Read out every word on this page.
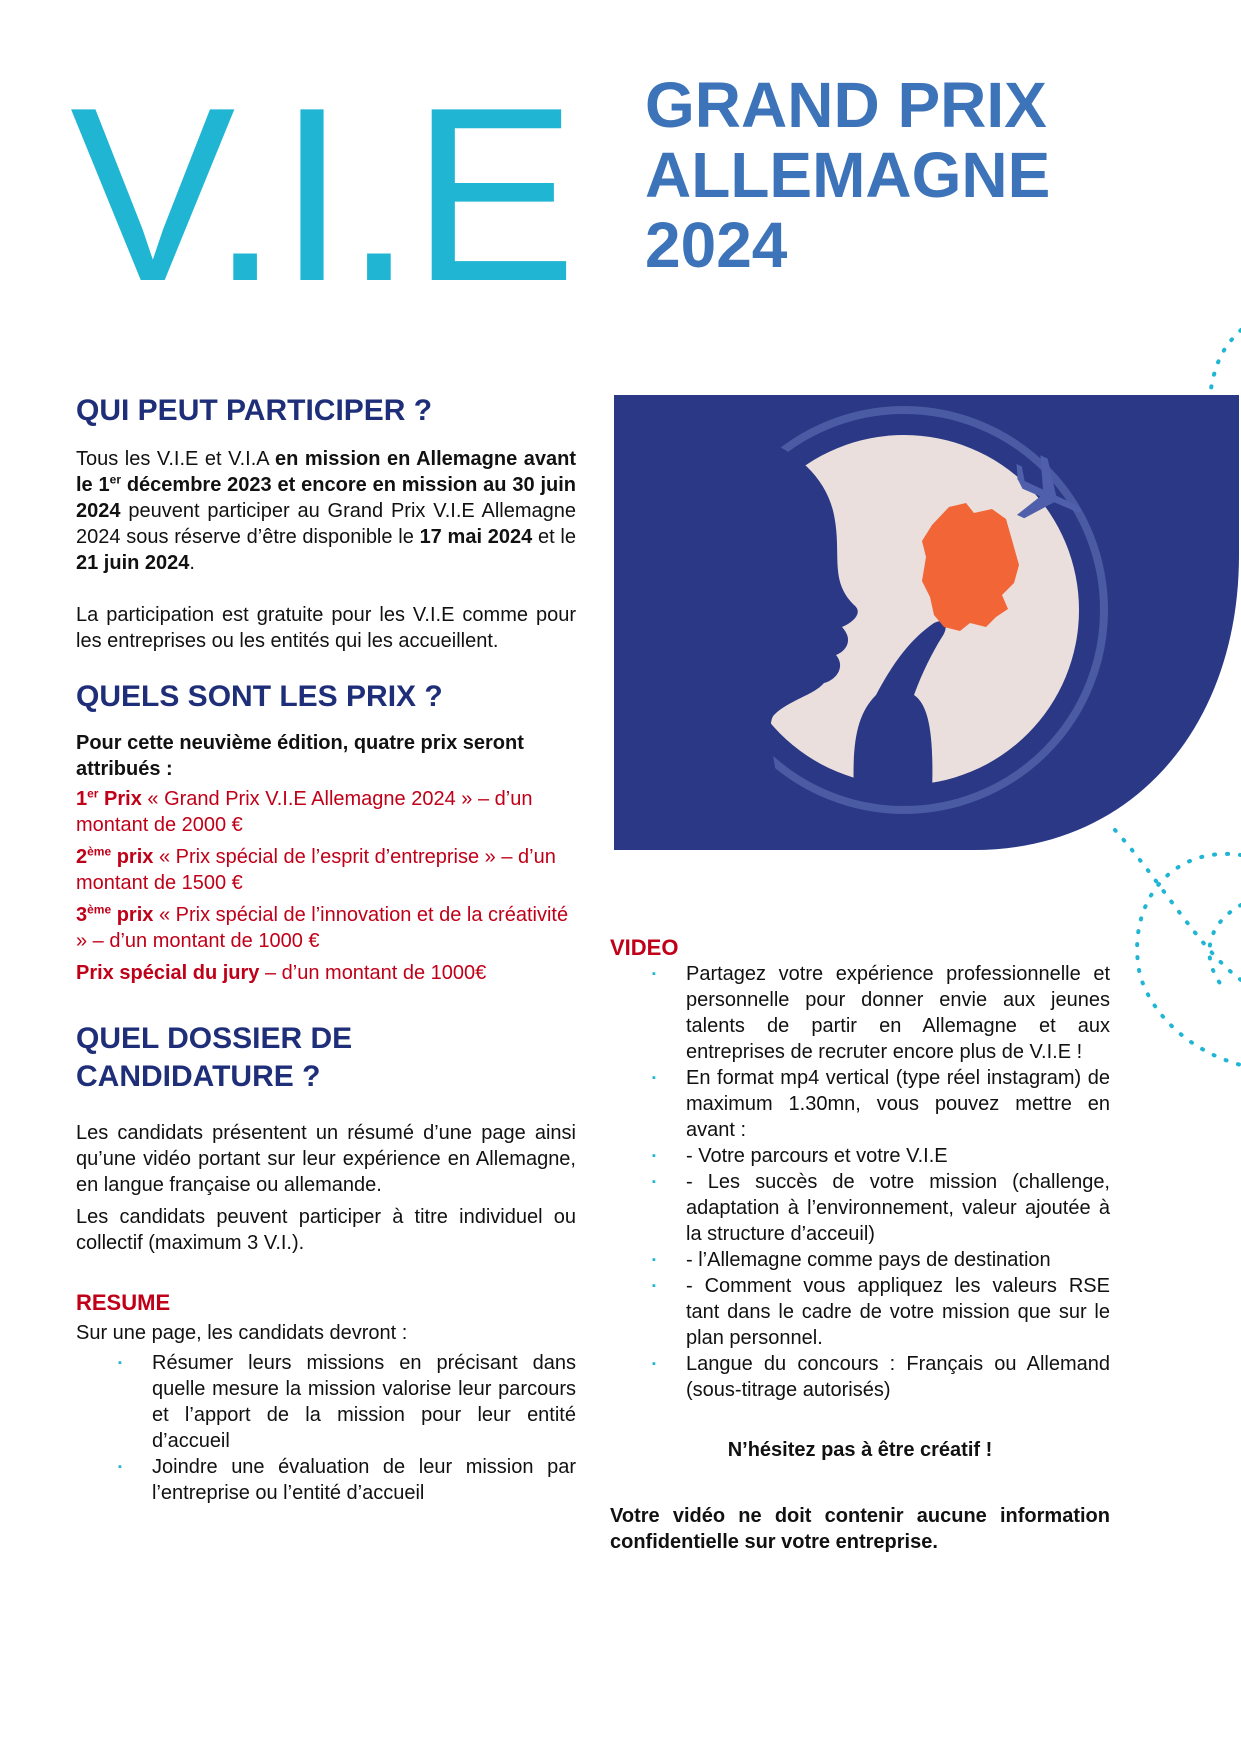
V.I.E GRAND PRIX
ALLEMAGNE
2024
QUI PEUT PARTICIPER ?

Tous les V.I.E et V.I.A en mission en Allemagne avant le 1er décembre 2023 et encore en mission au 30 juin 2024 peuvent participer au Grand Prix V.I.E Allemagne 2024 sous réserve d’être disponible le 17 mai 2024 et le 21 juin 2024.

La participation est gratuite pour les V.I.E comme pour les entreprises ou les entités qui les accueillent.

QUELS SONT LES PRIX ?

Pour cette neuvième édition, quatre prix seront attribués :

1er Prix « Grand Prix V.I.E Allemagne 2024 » – d’un montant de 2000 €

2ème prix « Prix spécial de l’esprit d’entreprise » – d’un montant de 1500 €

3ème prix « Prix spécial de l’innovation et de la créativité » – d’un montant de 1000 €

Prix spécial du jury – d’un montant de 1000€

QUEL DOSSIER DE
CANDIDATURE ?

Les candidats présentent un résumé d’une page ainsi qu’une vidéo portant sur leur expérience en Allemagne, en langue française ou allemande.

Les candidats peuvent participer à titre individuel ou collectif (maximum 3 V.I.).

RESUME

Sur une page, les candidats devront :

▪ Résumer leurs missions en précisant dans quelle mesure la mission valorise leur parcours et l’apport de la mission pour leur entité d’accueil
▪ Joindre une évaluation de leur mission par l’entreprise ou l’entité d’accueil
VIDEO
▪ Partagez votre expérience professionnelle et personnelle pour donner envie aux jeunes talents de partir en Allemagne et aux entreprises de recruter encore plus de V.I.E !
▪ En format mp4 vertical (type réel instagram) de maximum 1.30mn, vous pouvez mettre en avant :
▪ - Votre parcours et votre V.I.E
▪ - Les succès de votre mission (challenge, adaptation à l’environnement, valeur ajoutée à la structure d’acceuil)
▪ - l’Allemagne comme pays de destination
▪ - Comment vous appliquez les valeurs RSE tant dans le cadre de votre mission que sur le plan personnel.
▪ Langue du concours : Français ou Allemand (sous-titrage autorisés)

N’hésitez pas à être créatif !

Votre vidéo ne doit contenir aucune information confidentielle sur votre entreprise.
